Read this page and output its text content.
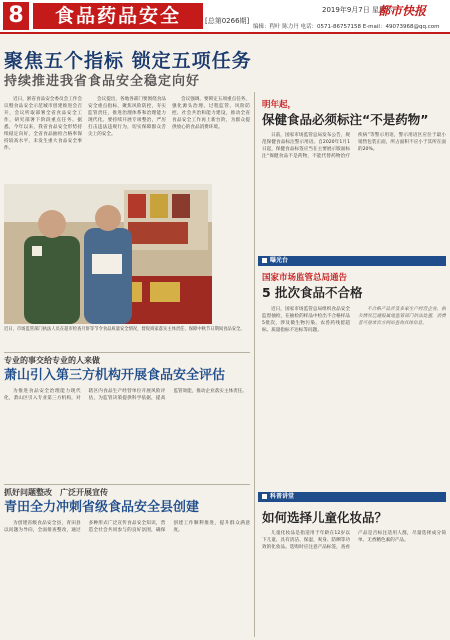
8	食品药品安全	[总第0266期]
2019年9月7日 星期六
都市快报
编辑：程叶 陈力丹 电话：0571-86757158 E-mail：49073968@qq.com
聚焦五个指标 锁定五项任务
持续推进我省食品安全稳定向好

近日，浙省食品安全委员会工作会议暨食品安全示范城市创建推进会召开，会议听取部署全省食品安全工作，研究部署下阶段重点任务。据悉，今年以来，我省食品安全形势持续稳定向好，全省食品抽检合格率保持较高水平，未发生重大食品安全事件。

会议提出，各地各部门要围绕食品安全重点指标，聚焦风险防控，夯实监管责任，推进治理体系和治理能力现代化。要持续开展专项整治，严厉打击违法违规行为，切实保障群众舌尖上的安全。

会议强调，要锁定五项重点任务，强化源头治理、过程监管、风险防控、社会共治和能力建设，推动全省食品安全工作再上新台阶，为群众提供放心的食品消费环境。

近日，市场监管部门执法人员在超市检查月饼等节令食品质量安全情况，督促商家落实主体责任，保障中秋节日期间食品安全。
专业的事交给专业的人来做
萧山引入第三方机构开展食品安全评估

为推进食品安全治理能力现代化，萧山区引入专业第三方机构，对辖区内食品生产经营单位开展风险评估，为监管决策提供科学依据，提高监管效能，推动企业落实主体责任。

抓好问题整改　广泛开展宣传
青田全力冲刺省级食品安全县创建

为创建省级食品安全县，青田县以问题为导向，全面排查整改，通过多种形式广泛宣传食品安全知识，营造全社会共同参与的良好氛围，确保创建工作顺利推进，提升群众满意度。

明年起，
保健食品必须标注“不是药物”

日前，国家市场监管总局发布公告，规范保健食品标注警示用语。自2020年1月1日起，保健食品标签应当在主要展示版面标注“保健食品不是药物，不能代替药物治疗疾病”等警示用语，警示用语区应位于最小销售包装正面，所占面积不应小于其所在面的20%。

曝光台
国家市场监管总局通告
5 批次食品不合格

近日，国家市场监管总局组织食品安全监督抽检，在抽检的样品中检出不合格样品5批次，涉及微生物污染、农兽药残留超标、质量指标不达标等问题。

不合格产品涉及多家生产经营企业，相关情况已通报属地监管部门依法处置，消费者可登录官方网站查询具体信息。

科普讲堂
如何选择儿童化妆品？

儿童化妆品是指适用于年龄在12岁以下儿童、具有清洁、保湿、爽身、防晒等功效的化妆品。选购时应注意产品标签，查看产品是否标注适用人群，尽量选择成分简单、无香精色素的产品。
